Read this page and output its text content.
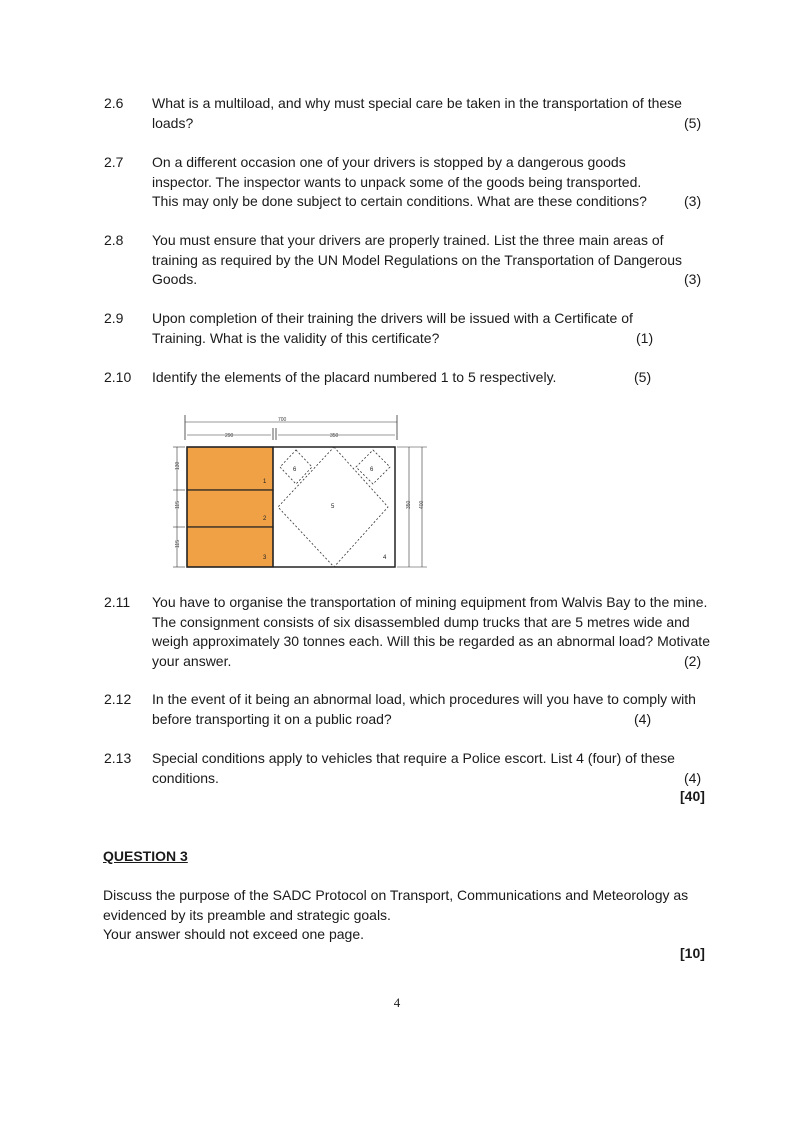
2.6 What is a multiload, and why must special care be taken in the transportation of these loads?	(5)
2.7 On a different occasion one of your drivers is stopped by a dangerous goods inspector. The inspector wants to unpack some of the goods being transported. This may only be done subject to certain conditions. What are these conditions?	(3)
2.8 You must ensure that your drivers are properly trained. List the three main areas of training as required by the UN Model Regulations on the Transportation of Dangerous Goods.	(3)
2.9 Upon completion of their training the drivers will be issued with a Certificate of Training. What is the validity of this certificate?	(1)
2.10 Identify the elements of the placard numbered 1 to 5 respectively.	(5)
700
290	350
1
2
3	4
5
6	6
130
115
115
350 400
2.11 You have to organise the transportation of mining equipment from Walvis Bay to the mine. The consignment consists of six disassembled dump trucks that are 5 metres wide and weigh approximately 30 tonnes each. Will this be regarded as an abnormal load? Motivate your answer.	(2)
2.12 In the event of it being an abnormal load, which procedures will you have to comply with before transporting it on a public road?	(4)
2.13 Special conditions apply to vehicles that require a Police escort. List 4 (four) of these conditions.	(4)
[40]
QUESTION 3
Discuss the purpose of the SADC Protocol on Transport, Communications and Meteorology as evidenced by its preamble and strategic goals.
Your answer should not exceed one page.
[10]
4
